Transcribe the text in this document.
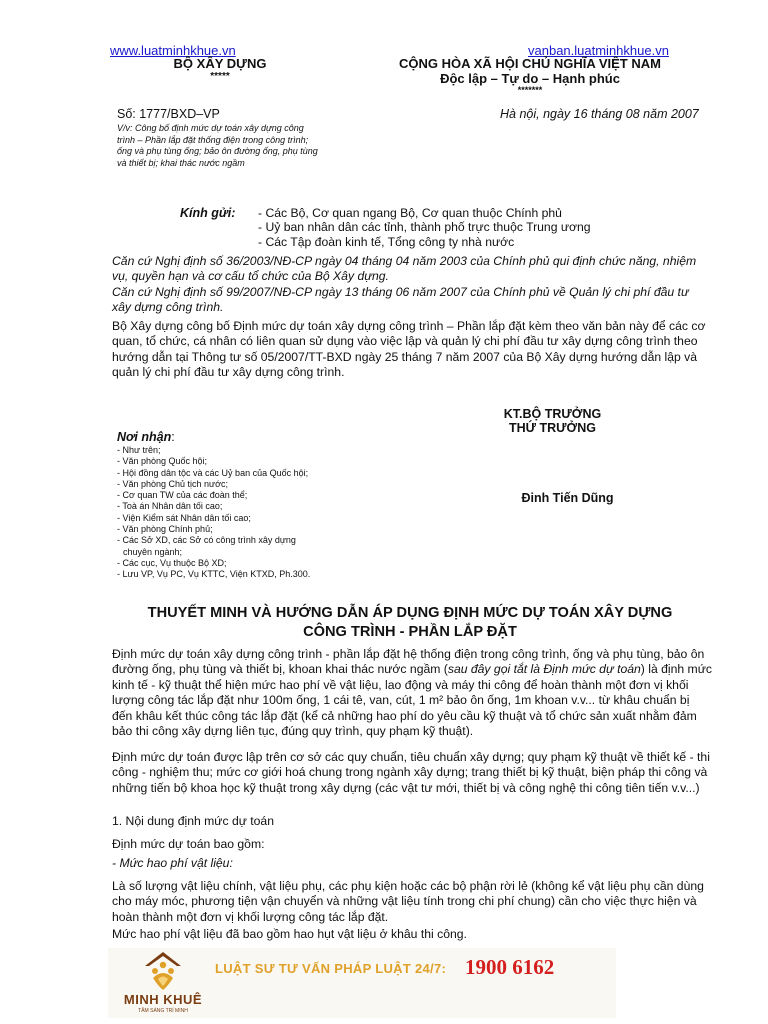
www.luatminhkhue.vn	vanban.luatminhkhue.vn
BỘ XÂY DỰNG
*****
CỘNG HÒA XÃ HỘI CHỦ NGHĨA VIỆT NAM
Độc lập – Tự do – Hạnh phúc
*******
Số: 1777/BXD–VP	Hà nội, ngày 16 tháng 08 năm 2007
V/v: Công bố định mức dự toán xây dựng công trình – Phần lắp đặt thống điện trong công trình; ống và phụ tùng ống; bảo ôn đường ống, phụ tùng và thiết bị; khai thác nước ngầm
Kính gửi: - Các Bộ, Cơ quan ngang Bộ, Cơ quan thuộc Chính phủ
- Uỷ ban nhân dân các tỉnh, thành phố trực thuộc Trung ương
- Các Tập đoàn kinh tế, Tổng công ty nhà nước
Căn cứ Nghị định số 36/2003/NĐ-CP ngày 04 tháng 04 năm 2003 của Chính phủ qui định chức năng, nhiệm vụ, quyền hạn và cơ cấu tổ chức của Bộ Xây dựng.
Căn cứ Nghị định số 99/2007/NĐ-CP ngày 13 tháng 06 năm 2007 của Chính phủ về Quản lý chi phí đầu tư xây dựng công trình.
Bộ Xây dựng công bố Định mức dự toán xây dựng công trình – Phần lắp đặt kèm theo văn bản này để các cơ quan, tổ chức, cá nhân có liên quan sử dụng vào việc lập và quản lý chi phí đầu tư xây dựng công trình theo hướng dẫn tại Thông tư số 05/2007/TT-BXD ngày 25 tháng 7 năm 2007 của Bộ Xây dựng hướng dẫn lập và quản lý chi phí đầu tư xây dựng công trình.
KT.BỘ TRƯỞNG
THỨ TRƯỞNG
Đinh Tiến Dũng
Nơi nhận:
- Như trên;
- Văn phòng Quốc hội;
- Hội đồng dân tộc và các Uỷ ban của Quốc hội;
- Văn phòng Chủ tịch nước;
- Cơ quan TW của các đoàn thể;
- Toà án Nhân dân tối cao;
- Viện Kiểm sát Nhân dân tối cao;
- Văn phòng Chính phủ;
- Các Sở XD, các Sở có công trình xây dựng
chuyên ngành;
- Các cục, Vụ thuộc Bộ XD;
- Lưu VP, Vụ PC, Vụ KTTC, Viện KTXD, Ph.300.
THUYẾT MINH VÀ HƯỚNG DẪN ÁP DỤNG ĐỊNH MỨC DỰ TOÁN XÂY DỰNG
CÔNG TRÌNH - PHẦN LẮP ĐẶT
Định mức dự toán xây dựng công trình - phần lắp đặt hệ thống điện trong công trình, ống và phụ tùng, bảo ôn đường ống, phụ tùng và thiết bị, khoan khai thác nước ngầm (sau đây gọi tắt là Định mức dự toán) là định mức kinh tế - kỹ thuật thể hiện mức hao phí về vật liệu, lao động và máy thi công để hoàn thành một đơn vị khối lượng công tác lắp đặt như 100m ống, 1 cái tê, van, cút, 1 m² bảo ôn ống, 1m khoan v.v... từ khâu chuẩn bị đến khâu kết thúc công tác lắp đặt (kể cả những hao phí do yêu cầu kỹ thuật và tổ chức sản xuất nhằm đảm bảo thi công xây dựng liên tục, đúng quy trình, quy phạm kỹ thuật).
Định mức dự toán được lập trên cơ sở các quy chuẩn, tiêu chuẩn xây dựng; quy phạm kỹ thuật về thiết kế - thi công - nghiệm thu; mức cơ giới hoá chung trong ngành xây dựng; trang thiết bị kỹ thuật, biện pháp thi công và những tiến bộ khoa học kỹ thuật trong xây dựng (các vật tư mới, thiết bị và công nghệ thi công tiên tiến v.v...)
1. Nội dung định mức dự toán
Định mức dự toán bao gồm:
- Mức hao phí vật liệu:
Là số lượng vật liệu chính, vật liệu phụ, các phụ kiện hoặc các bộ phận rời lẻ (không kể vật liệu phụ cần dùng cho máy móc, phương tiện vận chuyển và những vật liệu tính trong chi phí chung) cần cho việc thực hiện và hoàn thành một đơn vị khối lượng công tác lắp đặt.
Mức hao phí vật liệu đã bao gồm hao hụt vật liệu ở khâu thi công.
MINH KHUÊ
TÂM SÁNG TRÍ MINH
LUẬT SƯ TƯ VẤN PHÁP LUẬT 24/7: 1900 6162
